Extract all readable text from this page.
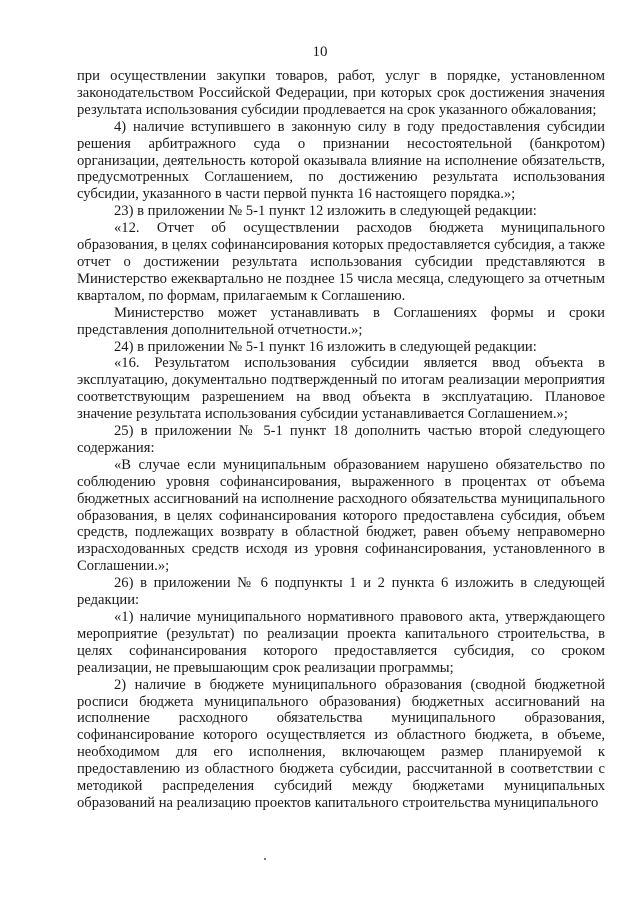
10

при осуществлении закупки товаров, работ, услуг в порядке, установленном законодательством Российской Федерации, при которых срок достижения значения результата использования субсидии продлевается на срок указанного обжалования;

4) наличие вступившего в законную силу в году предоставления субсидии решения арбитражного суда о признании несостоятельной (банкротом) организации, деятельность которой оказывала влияние на исполнение обязательств, предусмотренных Соглашением, по достижению результата использования субсидии, указанного в части первой пункта 16 настоящего порядка.»;

23) в приложении № 5-1 пункт 12 изложить в следующей редакции:

«12. Отчет об осуществлении расходов бюджета муниципального образования, в целях софинансирования которых предоставляется субсидия, а также отчет о достижении результата использования субсидии представляются в Министерство ежеквартально не позднее 15 числа месяца, следующего за отчетным кварталом, по формам, прилагаемым к Соглашению.

Министерство может устанавливать в Соглашениях формы и сроки представления дополнительной отчетности.»;

24) в приложении № 5-1 пункт 16 изложить в следующей редакции:

«16. Результатом использования субсидии является ввод объекта в эксплуатацию, документально подтвержденный по итогам реализации мероприятия соответствующим разрешением на ввод объекта в эксплуатацию. Плановое значение результата использования субсидии устанавливается Соглашением.»;

25) в приложении № 5-1 пункт 18 дополнить частью второй следующего содержания:

«В случае если муниципальным образованием нарушено обязательство по соблюдению уровня софинансирования, выраженного в процентах от объема бюджетных ассигнований на исполнение расходного обязательства муниципального образования, в целях софинансирования которого предоставлена субсидия, объем средств, подлежащих возврату в областной бюджет, равен объему неправомерно израсходованных средств исходя из уровня софинансирования, установленного в Соглашении.»;

26) в приложении № 6 подпункты 1 и 2 пункта 6 изложить в следующей редакции:

«1) наличие муниципального нормативного правового акта, утверждающего мероприятие (результат) по реализации проекта капитального строительства, в целях софинансирования которого предоставляется субсидия, со сроком реализации, не превышающим срок реализации программы;

2) наличие в бюджете муниципального образования (сводной бюджетной росписи бюджета муниципального образования) бюджетных ассигнований на исполнение расходного обязательства муниципального образования, софинансирование которого осуществляется из областного бюджета, в объеме, необходимом для его исполнения, включающем размер планируемой к предоставлению из областного бюджета субсидии, рассчитанной в соответствии с методикой распределения субсидий между бюджетами муниципальных образований на реализацию проектов капитального строительства муниципального
